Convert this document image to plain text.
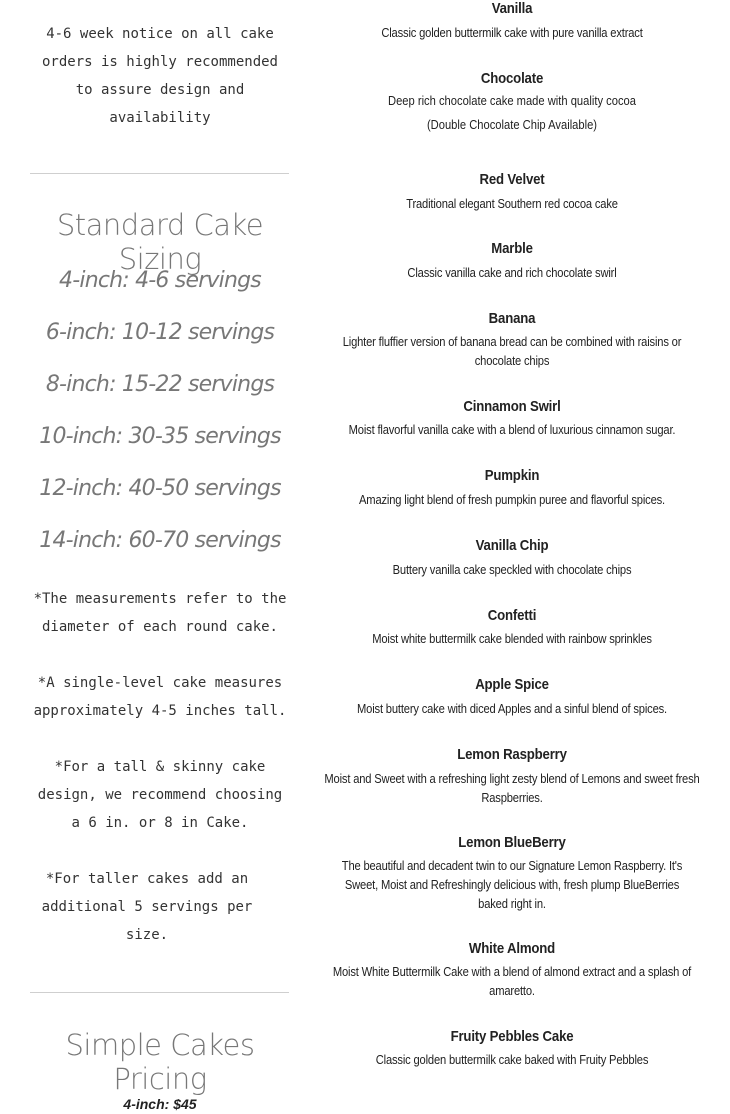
4-6 week notice on all cake orders is highly recommended to assure design and availability
Standard Cake Sizing
4-inch: 4-6 servings
6-inch: 10-12 servings
8-inch: 15-22 servings
10-inch: 30-35 servings
12-inch: 40-50 servings
14-inch: 60-70 servings
*The measurements refer to the diameter of each round cake.
*A single-level cake measures approximately 4-5 inches tall.
*For a tall & skinny cake design, we recommend choosing a 6 in. or 8 in Cake.
*For taller cakes add an additional 5 servings per size.
Simple Cakes Pricing
4-inch: $45
Vanilla
Classic golden buttermilk cake with pure vanilla extract
Chocolate
Deep rich chocolate cake made with quality cocoa
(Double Chocolate Chip Available)
Red Velvet
Traditional elegant Southern red cocoa cake
Marble
Classic vanilla cake and rich chocolate swirl
Banana
Lighter fluffier version of banana bread can be combined with raisins or chocolate chips
Cinnamon Swirl
Moist flavorful vanilla cake with a blend of luxurious cinnamon sugar.
Pumpkin
Amazing light blend of fresh pumpkin puree and flavorful spices.
Vanilla Chip
Buttery vanilla cake speckled with chocolate chips
Confetti
Moist white buttermilk cake blended with rainbow sprinkles
Apple Spice
Moist buttery cake with diced Apples and a sinful blend of spices.
Lemon Raspberry
Moist and Sweet with a refreshing light zesty blend of Lemons and sweet fresh Raspberries.
Lemon BlueBerry
The beautiful and decadent twin to our Signature Lemon Raspberry. It's Sweet, Moist and Refreshingly delicious with, fresh plump BlueBerries baked right in.
White Almond
Moist White Buttermilk Cake with a blend of almond extract and a splash of amaretto.
Fruity Pebbles Cake
Classic golden buttermilk cake baked with Fruity Pebbles
